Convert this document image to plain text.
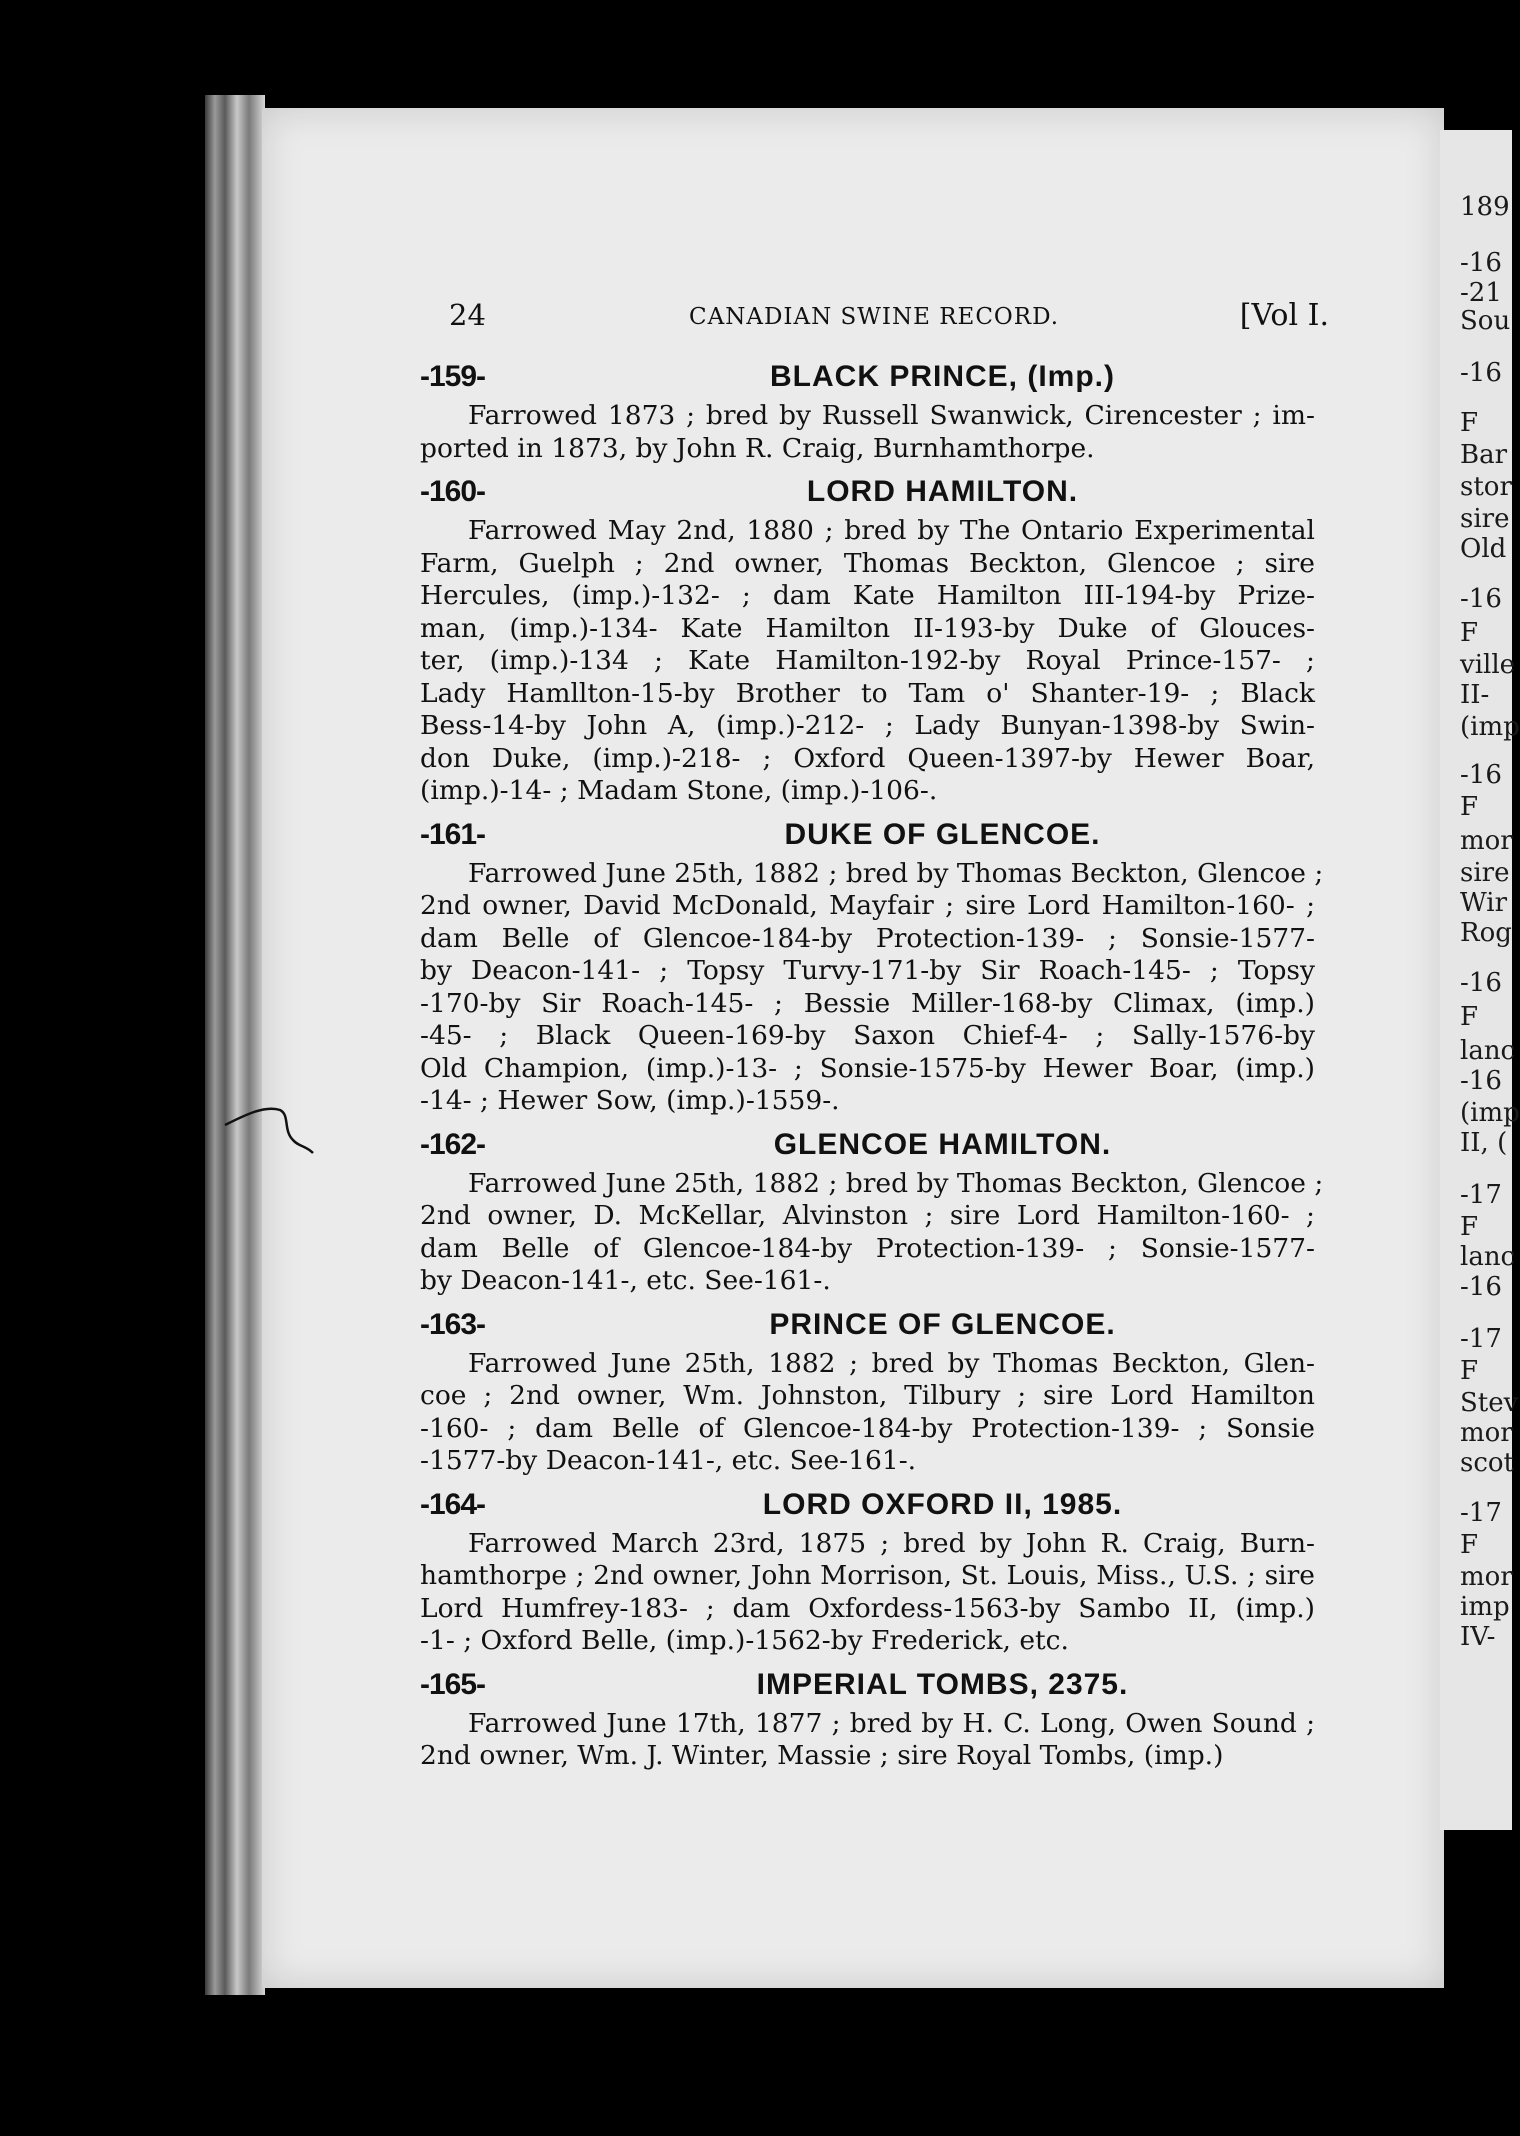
189
-16
-21
Sou
-16
F
Bar
stor
sire
Old
-16
F
ville
II-
(imp
-16
F
mor
sire
Wir
Rog
-16
F
lanc
-16
(imp
II, (
-17
F
lanc
-16
-17
F
Stev
mor
scot
-17
F
mor
imp
IV-
24	CANADIAN SWINE RECORD.	[Vol I.
-159-	BLACK PRINCE, (Imp.)
Farrowed 1873 ; bred by Russell Swanwick, Cirencester ; im-
ported in 1873, by John R. Craig, Burnhamthorpe.
-160-	LORD HAMILTON.
Farrowed May 2nd, 1880 ; bred by The Ontario Experimental
Farm, Guelph ; 2nd owner, Thomas Beckton, Glencoe ; sire
Hercules, (imp.)-132- ; dam Kate Hamilton III-194-by Prize-
man, (imp.)-134- Kate Hamilton II-193-by Duke of Glouces-
ter, (imp.)-134 ; Kate Hamilton-192-by Royal Prince-157- ;
Lady Hamllton-15-by Brother to Tam o' Shanter-19- ; Black
Bess-14-by John A, (imp.)-212- ; Lady Bunyan-1398-by Swin-
don Duke, (imp.)-218- ; Oxford Queen-1397-by Hewer Boar,
(imp.)-14- ; Madam Stone, (imp.)-106-.
-161-	DUKE OF GLENCOE.
Farrowed June 25th, 1882 ; bred by Thomas Beckton, Glencoe ;
2nd owner, David McDonald, Mayfair ; sire Lord Hamilton-160- ;
dam Belle of Glencoe-184-by Protection-139- ; Sonsie-1577-
by Deacon-141- ; Topsy Turvy-171-by Sir Roach-145- ; Topsy
-170-by Sir Roach-145- ; Bessie Miller-168-by Climax, (imp.)
-45- ; Black Queen-169-by Saxon Chief-4- ; Sally-1576-by
Old Champion, (imp.)-13- ; Sonsie-1575-by Hewer Boar, (imp.)
-14- ; Hewer Sow, (imp.)-1559-.
-162-	GLENCOE HAMILTON.
Farrowed June 25th, 1882 ; bred by Thomas Beckton, Glencoe ;
2nd owner, D. McKellar, Alvinston ; sire Lord Hamilton-160- ;
dam Belle of Glencoe-184-by Protection-139- ; Sonsie-1577-
by Deacon-141-, etc. See-161-.
-163-	PRINCE OF GLENCOE.
Farrowed June 25th, 1882 ; bred by Thomas Beckton, Glen-
coe ; 2nd owner, Wm. Johnston, Tilbury ; sire Lord Hamilton
-160- ; dam Belle of Glencoe-184-by Protection-139- ; Sonsie
-1577-by Deacon-141-, etc. See-161-.
-164-	LORD OXFORD II, 1985.
Farrowed March 23rd, 1875 ; bred by John R. Craig, Burn-
hamthorpe ; 2nd owner, John Morrison, St. Louis, Miss., U.S. ; sire
Lord Humfrey-183- ; dam Oxfordess-1563-by Sambo II, (imp.)
-1- ; Oxford Belle, (imp.)-1562-by Frederick, etc.
-165-	IMPERIAL TOMBS, 2375.
Farrowed June 17th, 1877 ; bred by H. C. Long, Owen Sound ;
2nd owner, Wm. J. Winter, Massie ; sire Royal Tombs, (imp.)
